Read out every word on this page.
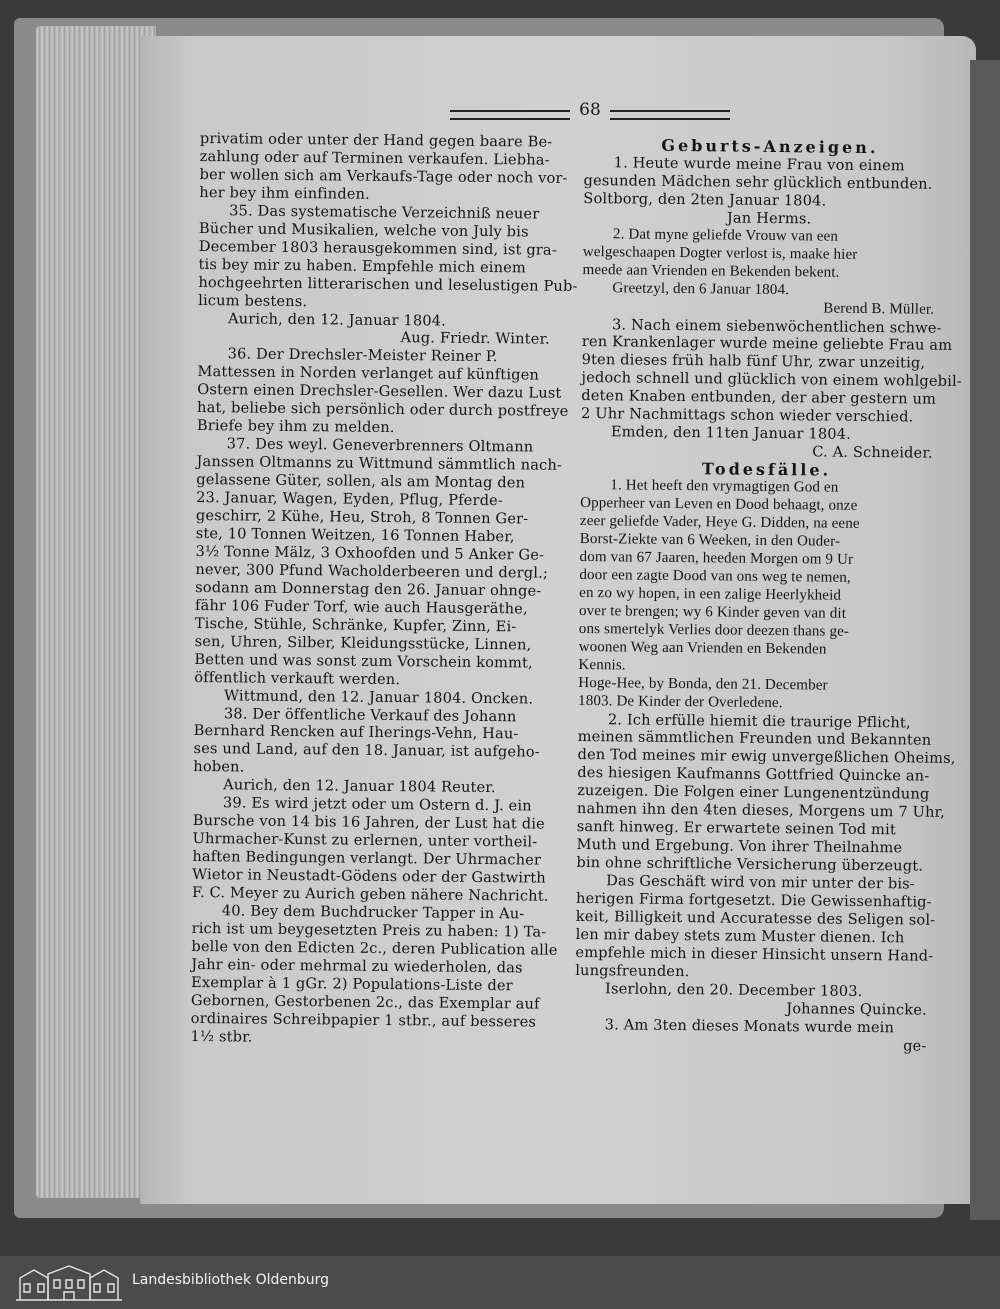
68
privatim oder unter der Hand gegen baare Be-
zahlung oder auf Terminen verkaufen. Liebha-
ber wollen sich am Verkaufs-Tage oder noch vor-
her bey ihm einfinden.
35. Das systematische Verzeichniß neuer
Bücher und Musikalien, welche von July bis
December 1803 herausgekommen sind, ist gra-
tis bey mir zu haben. Empfehle mich einem
hochgeehrten litterarischen und leselustigen Pub-
licum bestens.
Aurich, den 12. Januar 1804.
Aug. Friedr. Winter.
36. Der Drechsler-Meister Reiner P.
Mattessen in Norden verlanget auf künftigen
Ostern einen Drechsler-Gesellen. Wer dazu Lust
hat, beliebe sich persönlich oder durch postfreye
Briefe bey ihm zu melden.
37. Des weyl. Geneverbrenners Oltmann
Janssen Oltmanns zu Wittmund sämmtlich nach-
gelassene Güter, sollen, als am Montag den
23. Januar, Wagen, Eyden, Pflug, Pferde-
geschirr, 2 Kühe, Heu, Stroh, 8 Tonnen Ger-
ste, 10 Tonnen Weitzen, 16 Tonnen Haber,
3½ Tonne Mälz, 3 Oxhoofden und 5 Anker Ge-
never, 300 Pfund Wacholderbeeren und dergl.;
sodann am Donnerstag den 26. Januar ohnge-
fähr 106 Fuder Torf, wie auch Hausgeräthe,
Tische, Stühle, Schränke, Kupfer, Zinn, Ei-
sen, Uhren, Silber, Kleidungsstücke, Linnen,
Betten und was sonst zum Vorschein kommt,
öffentlich verkauft werden.
Wittmund, den 12. Januar 1804. Oncken.
38. Der öffentliche Verkauf des Johann
Bernhard Rencken auf Iherings-Vehn, Hau-
ses und Land, auf den 18. Januar, ist aufgeho-
hoben.
Aurich, den 12. Januar 1804 Reuter.
39. Es wird jetzt oder um Ostern d. J. ein
Bursche von 14 bis 16 Jahren, der Lust hat die
Uhrmacher-Kunst zu erlernen, unter vortheil-
haften Bedingungen verlangt. Der Uhrmacher
Wietor in Neustadt-Gödens oder der Gastwirth
F. C. Meyer zu Aurich geben nähere Nachricht.
40. Bey dem Buchdrucker Tapper in Au-
rich ist um beygesetzten Preis zu haben: 1) Ta-
belle von den Edicten 2c., deren Publication alle
Jahr ein- oder mehrmal zu wiederholen, das
Exemplar à 1 gGr. 2) Populations-Liste der
Gebornen, Gestorbenen 2c., das Exemplar auf
ordinaires Schreibpapier 1 stbr., auf besseres
1½ stbr.
Geburts-Anzeigen.
1. Heute wurde meine Frau von einem
gesunden Mädchen sehr glücklich entbunden.
Soltborg, den 2ten Januar 1804.
Jan Herms.
2. Dat myne geliefde Vrouw van een
welgeschaapen Dogter verlost is, maake hier
meede aan Vrienden en Bekenden bekent.
Greetzyl, den 6 Januar 1804.
Berend B. Müller.
3. Nach einem siebenwöchentlichen schwe-
ren Krankenlager wurde meine geliebte Frau am
9ten dieses früh halb fünf Uhr, zwar unzeitig,
jedoch schnell und glücklich von einem wohlgebil-
deten Knaben entbunden, der aber gestern um
2 Uhr Nachmittags schon wieder verschied.
Emden, den 11ten Januar 1804.
C. A. Schneider.
Todesfälle.
1. Het heeft den vrymagtigen God en
Opperheer van Leven en Dood behaagt, onze
zeer geliefde Vader, Heye G. Didden, na eene
Borst-Ziekte van 6 Weeken, in den Ouder-
dom van 67 Jaaren, heeden Morgen om 9 Ur
door een zagte Dood van ons weg te nemen,
en zo wy hopen, in een zalige Heerlykheid
over te brengen; wy 6 Kinder geven van dit
ons smertelyk Verlies door deezen thans ge-
woonen Weg aan Vrienden en Bekenden
Kennis.
Hoge-Hee, by Bonda, den 21. December
1803. De Kinder der Overledene.
2. Ich erfülle hiemit die traurige Pflicht,
meinen sämmtlichen Freunden und Bekannten
den Tod meines mir ewig unvergeßlichen Oheims,
des hiesigen Kaufmanns Gottfried Quincke an-
zuzeigen. Die Folgen einer Lungenentzündung
nahmen ihn den 4ten dieses, Morgens um 7 Uhr,
sanft hinweg. Er erwartete seinen Tod mit
Muth und Ergebung. Von ihrer Theilnahme
bin ohne schriftliche Versicherung überzeugt.
Das Geschäft wird von mir unter der bis-
herigen Firma fortgesetzt. Die Gewissenhaftig-
keit, Billigkeit und Accuratesse des Seligen sol-
len mir dabey stets zum Muster dienen. Ich
empfehle mich in dieser Hinsicht unsern Hand-
lungsfreunden.
Iserlohn, den 20. December 1803.
Johannes Quincke.
3. Am 3ten dieses Monats wurde mein
ge-
Landesbibliothek Oldenburg
